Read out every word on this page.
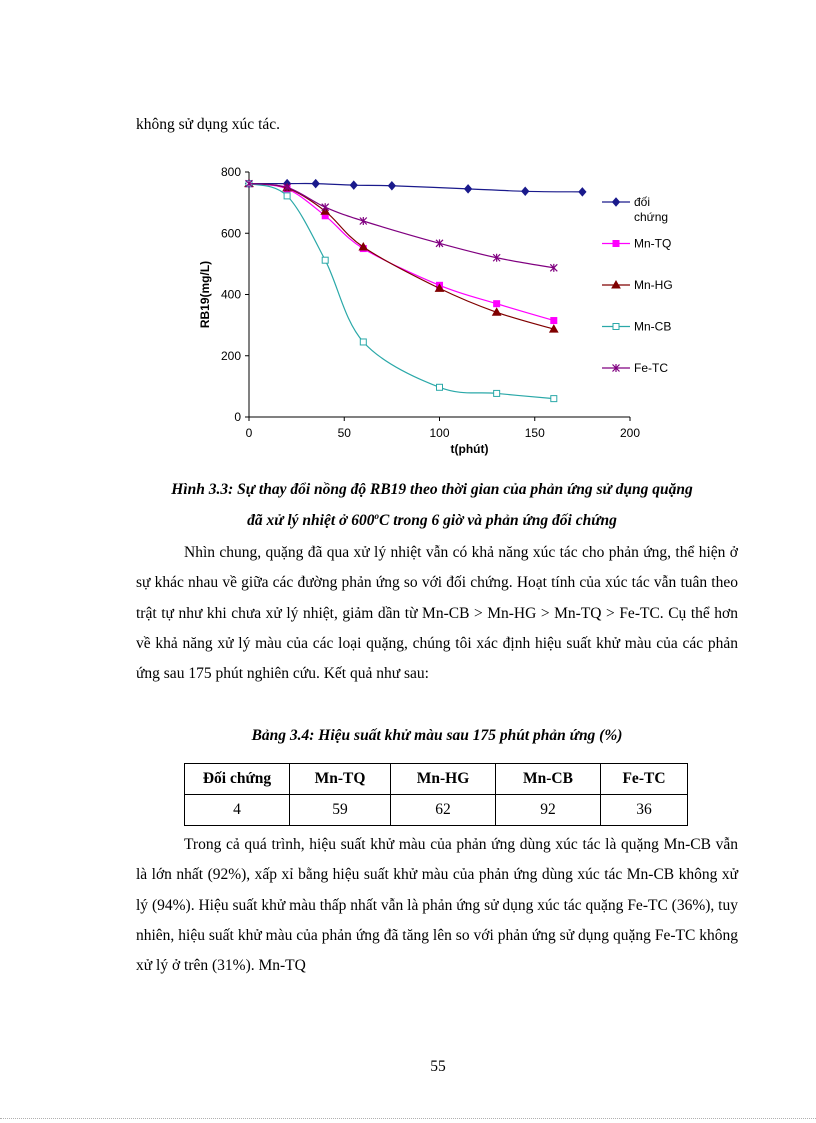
không sử dụng xúc tác.

0
200
400
600
800
0	50	100	150	200
t(phút)
RB19(mg/L)
đối chứng
Mn-TQ
Mn-HG
Mn-CB
Fe-TC

Hình 3.3: Sự thay đổi nồng độ RB19 theo thời gian của phản ứng sử dụng quặng

đã xử lý nhiệt ở 600$^o$C trong 6 giờ và phản ứng đối chứng

Nhìn chung, quặng đã qua xử lý nhiệt vẫn có khả năng xúc tác cho phản ứng, thể hiện ở sự khác nhau về giữa các đường phản ứng so với đối chứng. Hoạt tính của xúc tác vẫn tuân theo trật tự như khi chưa xử lý nhiệt, giảm dần từ Mn-CB > Mn-HG > Mn-TQ > Fe-TC. Cụ thể hơn về khả năng xử lý màu của các loại quặng, chúng tôi xác định hiệu suất khử màu của các phản ứng sau 175 phút nghiên cứu. Kết quả như sau:

Bảng 3.4: Hiệu suất khử màu sau 175 phút phản ứng (%)

Đối chứng	Mn-TQ	Mn-HG	Mn-CB	Fe-TC
4	59	62	92	36

Trong cả quá trình, hiệu suất khử màu của phản ứng dùng xúc tác là quặng Mn-CB vẫn là lớn nhất (92%), xấp xỉ bằng hiệu suất khử màu của phản ứng dùng xúc tác Mn-CB không xử lý (94%). Hiệu suất khử màu thấp nhất vẫn là phản ứng sử dụng xúc tác quặng Fe-TC (36%), tuy nhiên, hiệu suất khử màu của phản ứng đã tăng lên so với phản ứng sử dụng quặng Fe-TC không xử lý ở trên (31%). Mn-TQ

55
